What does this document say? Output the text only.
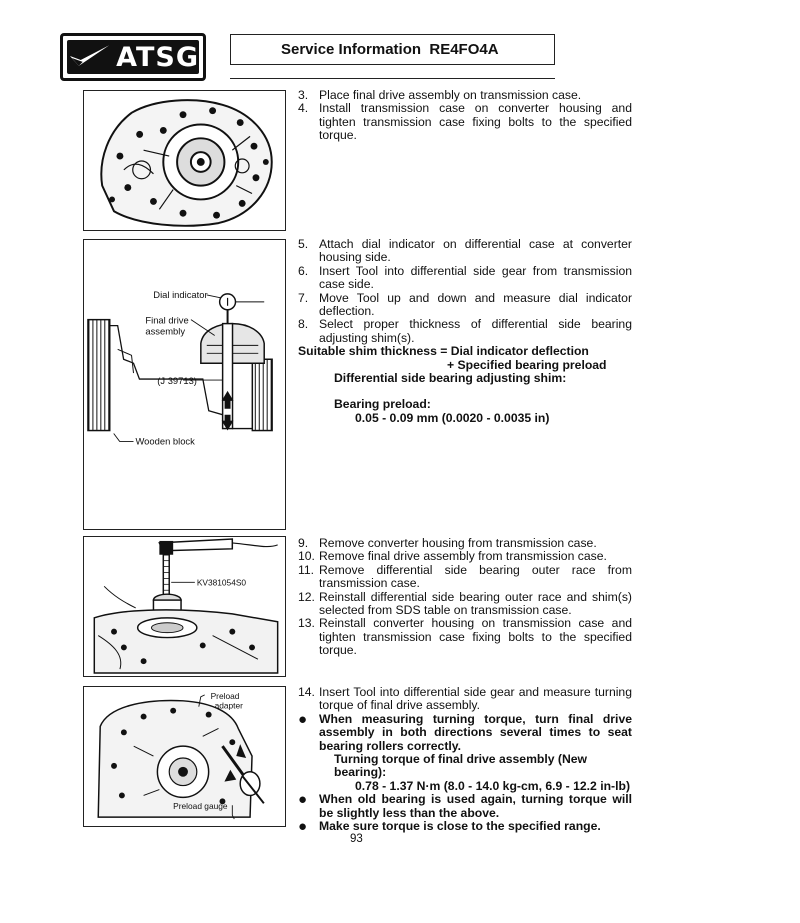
ATSG	Service Information  RE4FO4A
Dial indicator
Final drive
assembly
(J 39713)
Wooden block
KV381054S0
Preload
adapter
Preload gauge
3. Place final drive assembly on transmission case.
4. Install transmission case on converter housing and tighten transmission case fixing bolts to the specified torque.
5. Attach dial indicator on differential case at converter housing side.
6. Insert Tool into differential side gear from transmission case side.
7. Move Tool up and down and measure dial indicator deflection.
8. Select proper thickness of differential side bearing adjusting shim(s).
Suitable shim thickness = Dial indicator deflection
+ Specified bearing preload
Differential side bearing adjusting shim:
Bearing preload:
0.05 - 0.09 mm (0.0020 - 0.0035 in)
9. Remove converter housing from transmission case.
10. Remove final drive assembly from transmission case.
11. Remove differential side bearing outer race from transmission case.
12. Reinstall differential side bearing outer race and shim(s) selected from SDS table on transmission case.
13. Reinstall converter housing on transmission case and tighten transmission case fixing bolts to the specified torque.
14. Insert Tool into differential side gear and measure turning torque of final drive assembly.
● When measuring turning torque, turn final drive assembly in both directions several times to seat bearing rollers correctly.
Turning torque of final drive assembly (New bearing):
0.78 - 1.37 N·m (8.0 - 14.0 kg-cm, 6.9 - 12.2 in-lb)
● When old bearing is used again, turning torque will be slightly less than the above.
● Make sure torque is close to the specified range.
93
